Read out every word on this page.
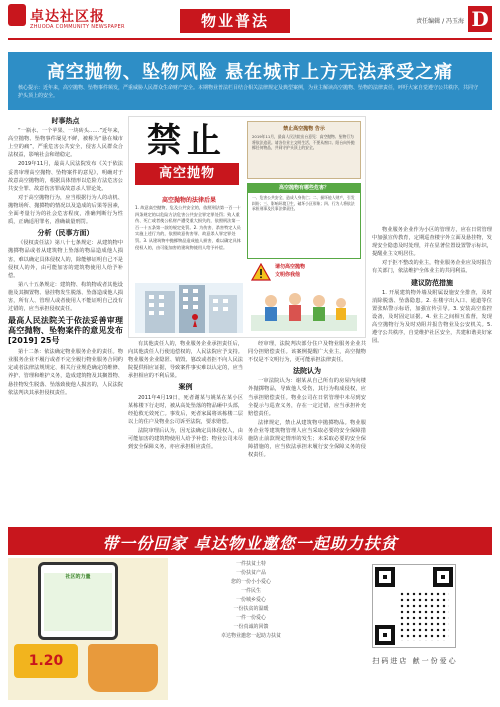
卓达社区报
ZHUODA COMMUNITY NEWSPAPER	物业普法	责任编辑 / 冯玉海 D
高空抛物、坠物风险 悬在城市上方无法承受之痛
核心提示：近年来，高空抛物、坠物事件频发，严重威胁人民群众生命财产安全。本期物业普法栏目结合相关法律规定及典型案例，为业主解读高空抛物、坠物的法律责任，呼吁大家自觉遵守公共秩序，共同守护头顶上的安全。
时事热点

“一瓶水、一个苹果、一块砖头……”近年来，高空抛物、坠物事件屡见不鲜，被称为“悬在城市上空的痛”，严重危害公共安全，侵害人民群众合法权益，影响社会和谐稳定。

2019年11月，最高人民法院发布《关于依法妥善审理高空抛物、坠物案件的意见》，明确对于故意高空抛物的，根据具体情形以危险方法危害公共安全罪、故意伤害罪或故意杀人罪论处。

对于高空抛物行为，应当根据行为人的动机、抛物场所、抛掷物的情况以及造成的后果等因素，全面考量行为的社会危害程度，准确判断行为性质，正确适用罪名，准确裁量刑罚。

分析（民事方面）

《侵权责任法》第八十七条规定：从建筑物中抛掷物品或者从建筑物上坠落的物品造成他人损害，难以确定具体侵权人的，除能够证明自己不是侵权人的外，由可能加害的建筑物使用人给予补偿。

第八十五条规定：建筑物、构筑物或者其他设施及其搁置物、悬挂物发生脱落、坠落造成他人损害，所有人、管理人或者使用人不能证明自己没有过错的，应当承担侵权责任。

最高人民法院关于依法妥善审理高空抛物、坠物案件的意见发布[2019] 25号

第十二条：依法确定物业服务企业的责任。物业服务企业不履行或者不完全履行物业服务合同约定或者法律法规规定、相关行业规范确定的维修、养护、管理和维护义务，造成建筑物及其搁置物、悬挂物发生脱落、坠落致使他人损害的，人民法院依法判决其承担侵权责任。

禁止
高空抛物
高空抛物的法律后果
1. 故意高空抛物，危及公共安全的，依照刑法第一百一十四条规定的以危险方法危害公共安全罪定罪处罚；致人重伤、死亡或者使公私财产遭受重大损失的，依照刑法第一百一十五条第一款的规定处罚。2. 为伤害、杀害特定人员实施上述行为的，依照故意伤害罪、故意杀人罪定罪处罚。3. 从建筑物中抛掷物品造成他人损害，难以确定具体侵权人的，由可能加害的建筑物使用人给予补偿。
禁止高空抛物 告示
2019年11月，最高人民法院出台意见：高空抛物、坠物行为将依法追责。请各位业主文明生活，不要从窗口、阳台向外抛掷任何物品，共同守护头顶上的安全。
高空抛物有哪些危害？
一、危害公共安全，造成人身伤亡；二、损坏他人财产，引发纠纷；三、影响环境卫生，破坏小区形象；四、行为人将依法承担刑事及民事法律责任。
请勿高空抛物
文明你我他

有其他责任人的，物业服务企业承担责任后，向其他责任人行使追偿权的，人民法院应予支持。物业服务企业隐匿、销毁、篡改或者拒不向人民法院提供相应证据，导致案件事实难以认定的，应当承担相应的不利后果。

案例

2011年4月19日，死者谢某与姚某在某小区某栋楼下行走时，被从高处坠落的物品砸中头部，经抢救无效死亡。事发后，死者家属将该栋楼二层以上的住户及物业公司诉至法院，要求赔偿。

法院审理后认为，因无法确定具体侵权人，由可能加害的建筑物使用人给予补偿；物业公司未尽到安全保障义务，亦应承担相应责任。

经审理，法院判决部分住户及物业服务企业共同分担赔偿责任。该案例提醒广大业主，高空抛物不仅是不文明行为，更可能承担法律责任。

法院认为

一审法院认为：谢某从自己所有的房屋内向楼外抛掷物品，导致他人受伤，其行为构成侵权，应当承担赔偿责任。物业公司在日常管理中未尽到安全提示与巡查义务，存在一定过错，应当承担补充赔偿责任。

法律规定，禁止从建筑物中抛掷物品。物业服务企业等建筑物管理人应当采取必要的安全保障措施防止前款规定情形的发生；未采取必要的安全保障措施的，应当依法承担未履行安全保障义务的侵权责任。

物业服务企业作为小区的管理方，应在日常管理中加强宣传教育，定期巡查楼宇外立面及悬挂物，发现安全隐患及时处理，并在显著位置设置警示标识，提醒业主文明居住。

对于拒不整改的业主，物业服务企业应及时报告有关部门，依法维护全体业主的共同利益。

建议防范措施

1. 开展建筑物外墙及附属设施安全排查，及时消除脱落、坠落隐患。2. 在楼宇出入口、通道等位置张贴警示标语，加强宣传引导。3. 安装高空监控设备，及时固定证据。4. 业主之间相互监督，发现高空抛物行为及时劝阻并报告物业及公安机关。5. 遵守公共秩序，自觉维护社区安全，共建和谐美好家园。

带一份回家 卓达物业邀您一起助力扶贫
社区的力量
1.20
一件扶贫土特
一份扶贫产品
您的一份小小爱心
一件民生
一份城乡爱心
一份扶贫的温暖
一件一份爱心
一份真诚的回馈
卓达物业邀您一起助力扶贫
扫码进店 献一份爱心
